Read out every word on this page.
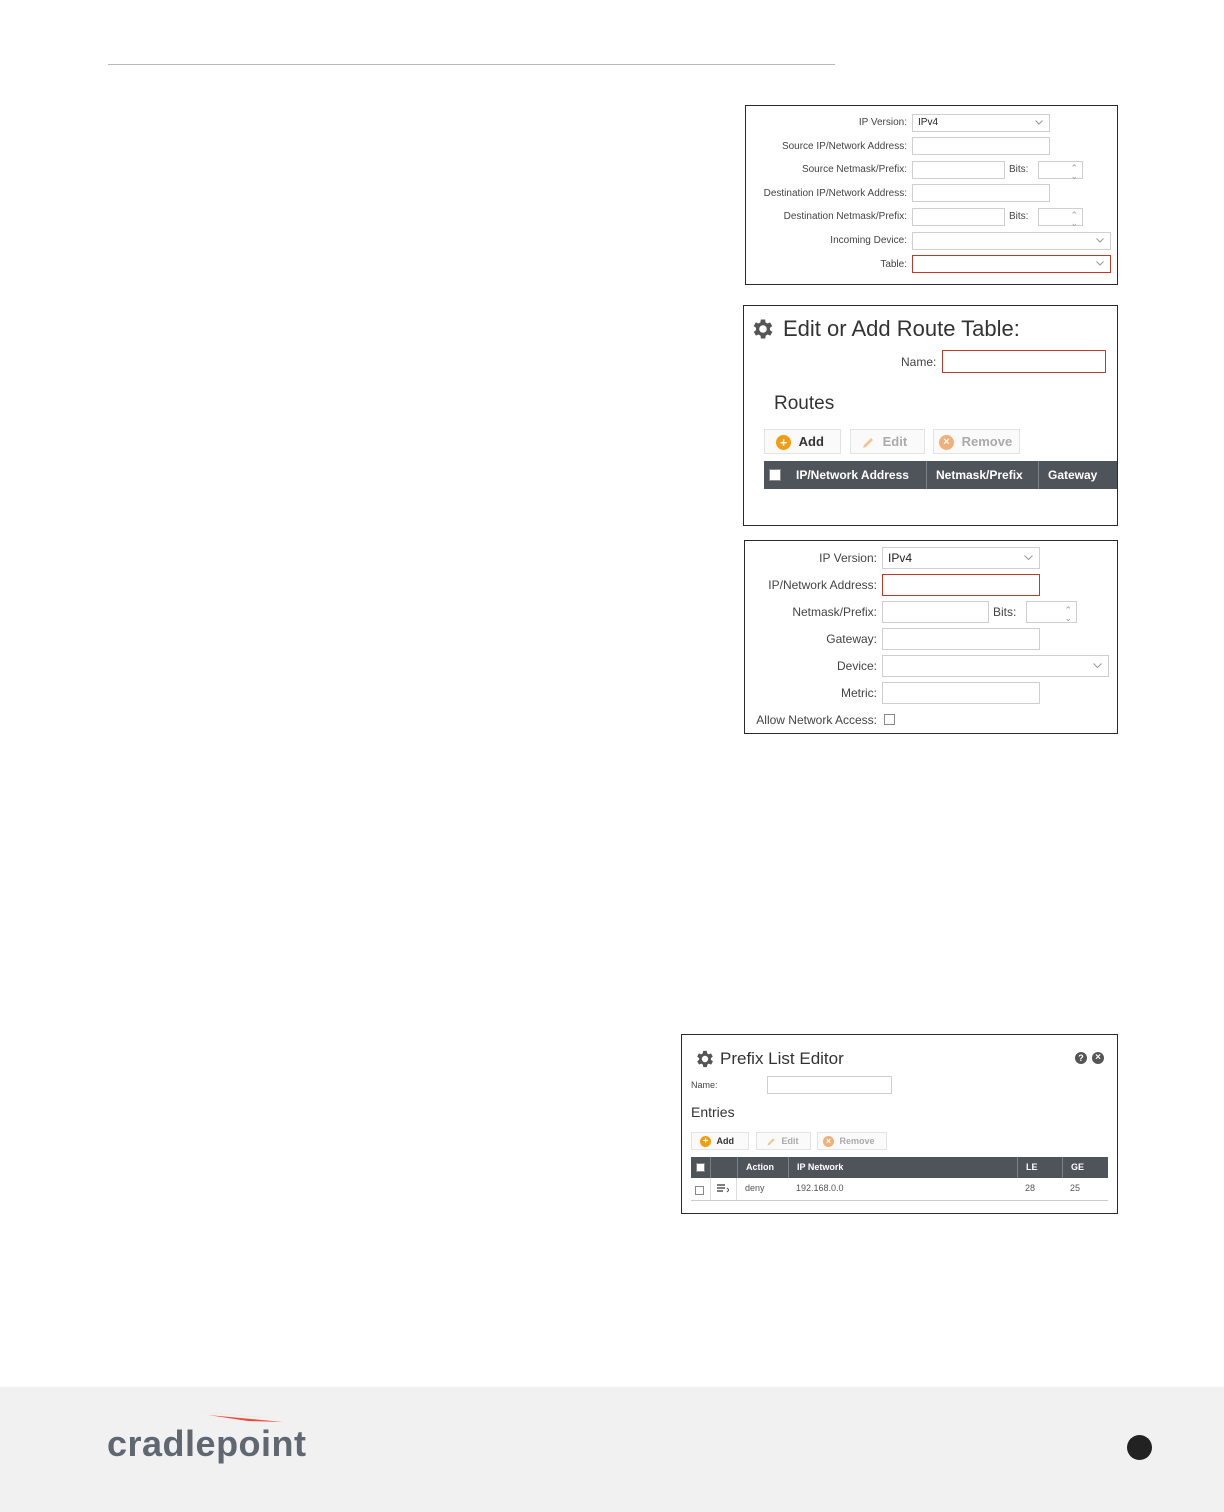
IP Version:	IPv4
Source IP/Network Address:
Source Netmask/Prefix:	Bits:	⌃
⌄
Destination IP/Network Address:
Destination Netmask/Prefix:	Bits:	⌃
⌄
Incoming Device:
Table:
Edit or Add Route Table:
Name:
Routes
+ Add	Edit	× Remove
IP/Network Address	Netmask/Prefix	Gateway
IP Version: IPv4
IP/Network Address:
Netmask/Prefix:	Bits:	⌃
⌄
Gateway:
Device:
Metric:
Allow Network Access:
Prefix List Editor	?	×
Name:
Entries
+ Add	Edit	× Remove
Action	IP Network	LE	GE
deny	192.168.0.0	28	25
cradlepoint
